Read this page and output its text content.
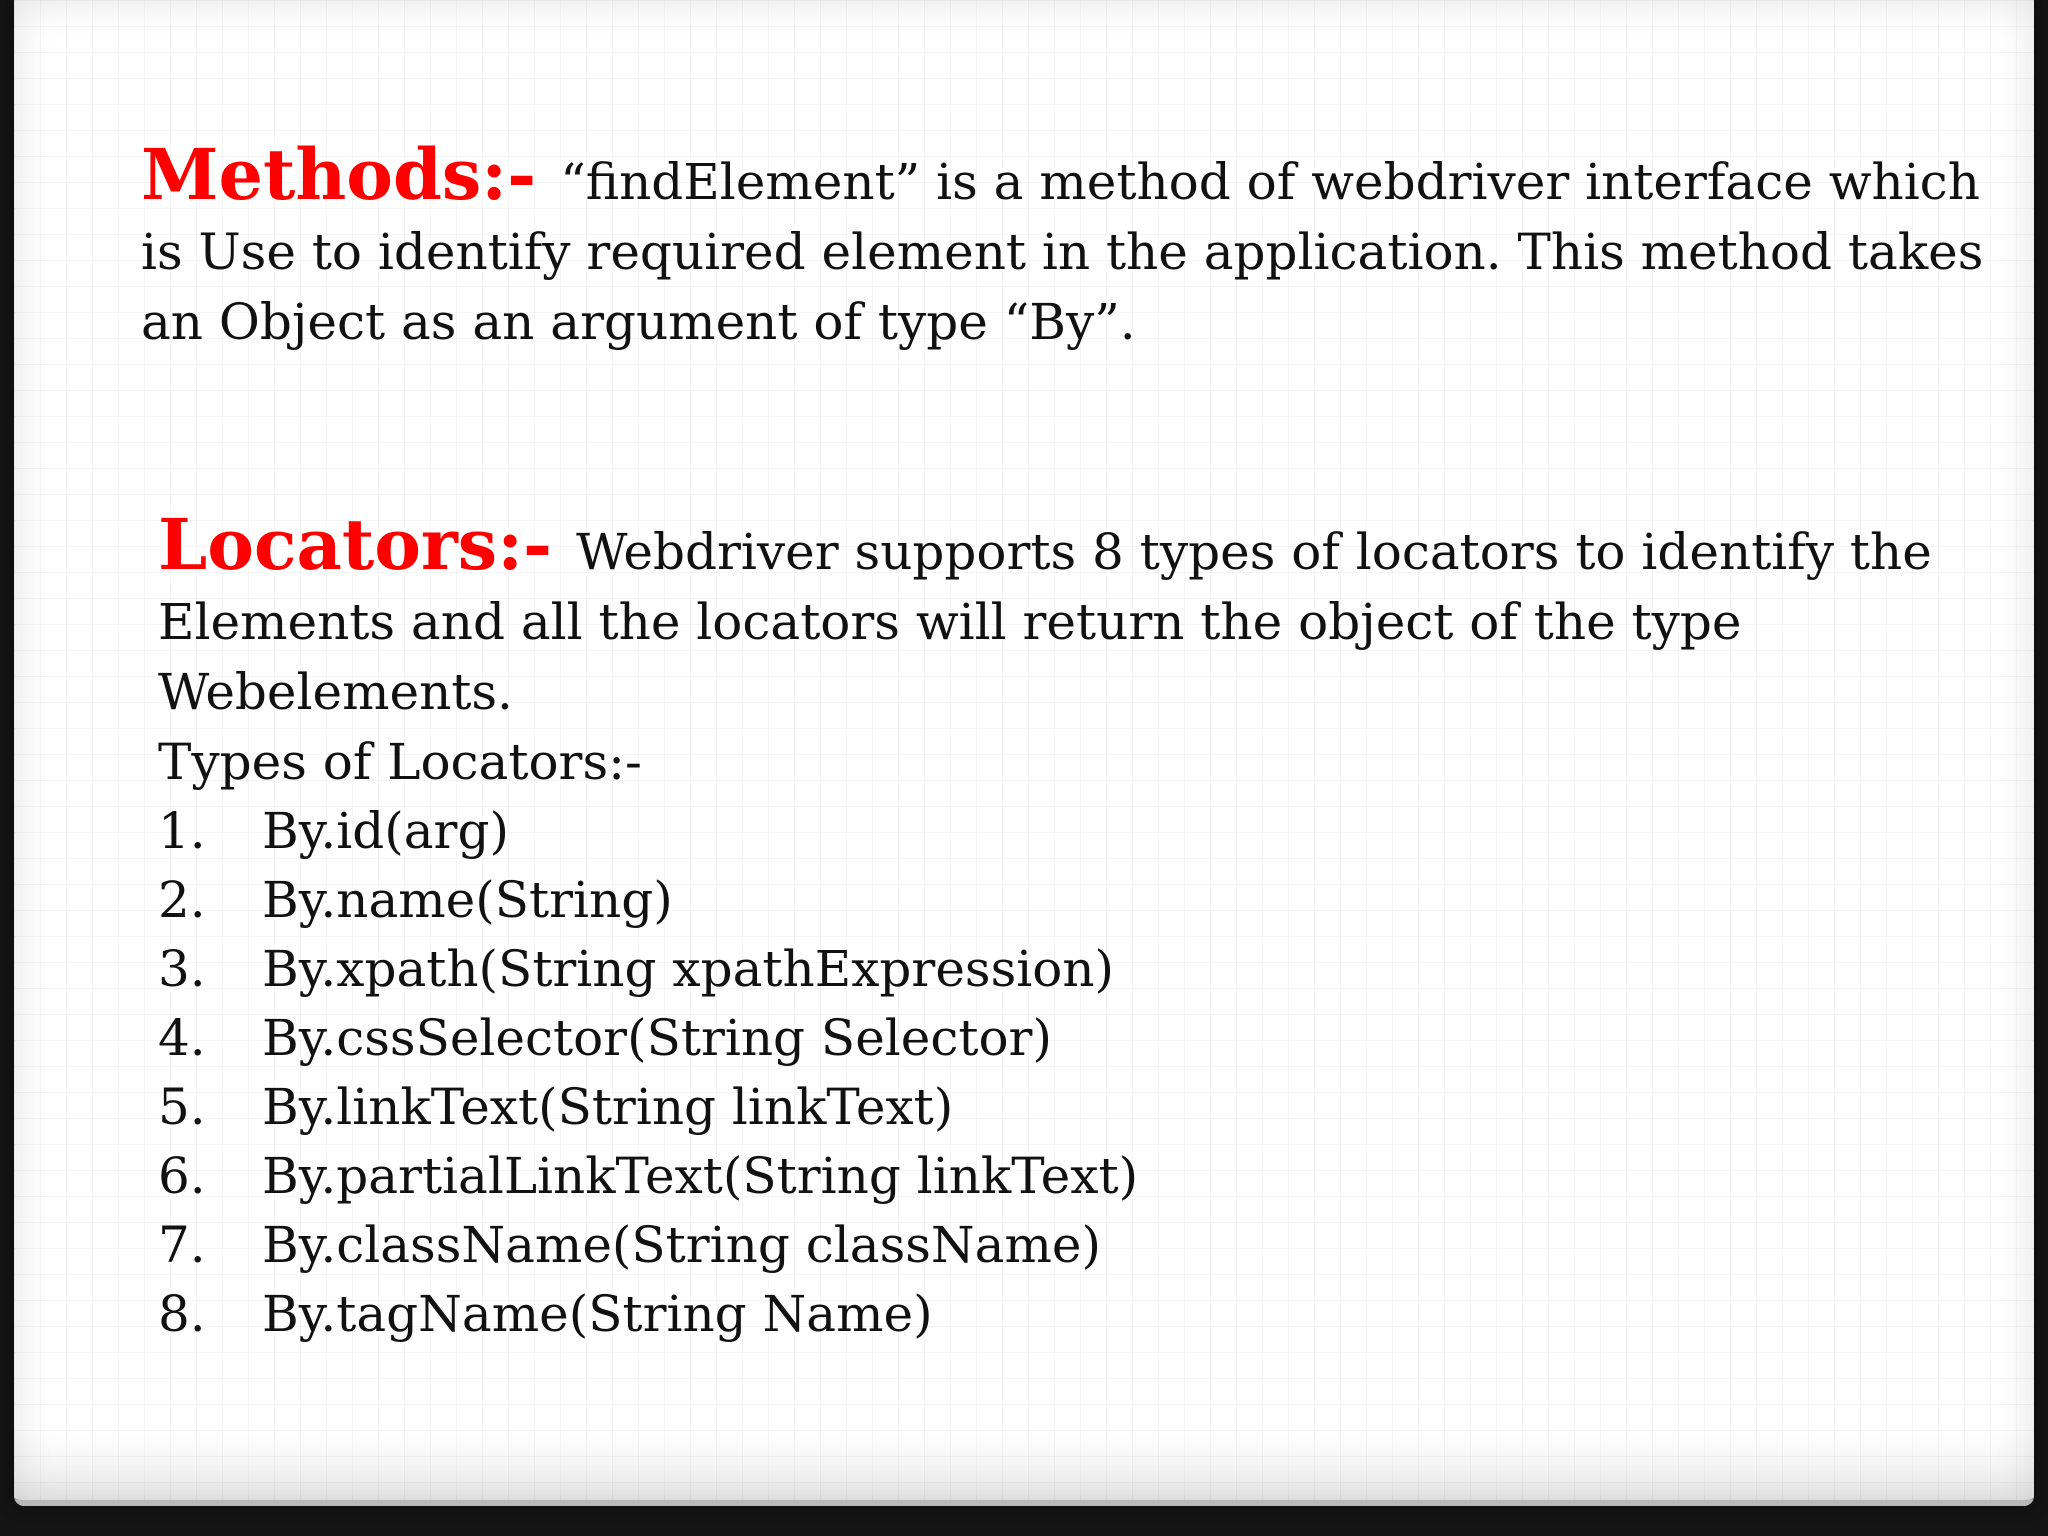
Methods:- “findElement” is a method of webdriver interface which is Use to identify required element in the application. This method takes an Object as an argument of type “By”.

Locators:- Webdriver supports 8 types of locators to identify the Elements and all the locators will return the object of the type Webelements.

Types of Locators:-

1.	By.id(arg)
2.	By.name(String)
3.	By.xpath(String xpathExpression)
4.	By.cssSelector(String Selector)
5.	By.linkText(String linkText)
6.	By.partialLinkText(String linkText)
7.	By.className(String className)
8.	By.tagName(String Name)
